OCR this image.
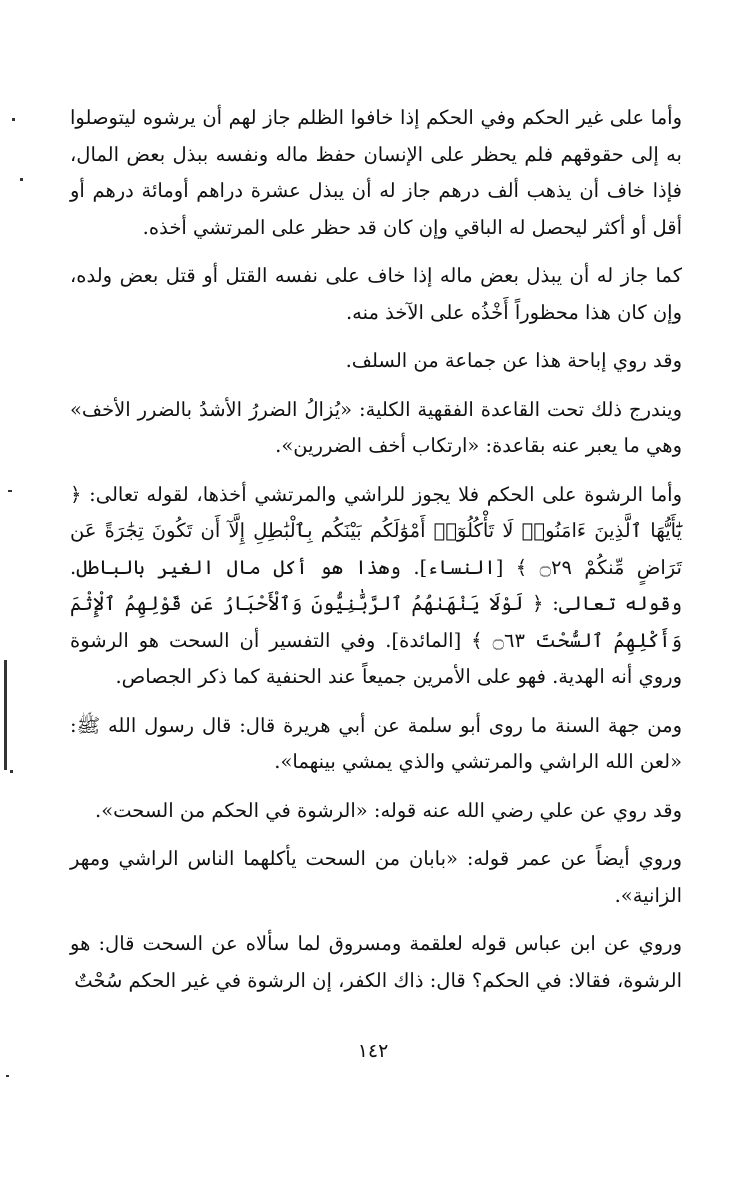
وأما على غير الحكم وفي الحكم إذا خافوا الظلم جاز لهم أن يرشوه ليتوصلوا به إلى حقوقهم فلم يحظر على الإنسان حفظ ماله ونفسه ببذل بعض المال، فإذا خاف أن يذهب ألف درهم جاز له أن يبذل عشرة دراهم أومائة درهم أو أقل أو أكثر ليحصل له الباقي وإن كان قد حظر على المرتشي أخذه.

كما جاز له أن يبذل بعض ماله إذا خاف على نفسه القتل أو قتل بعض ولده، وإن كان هذا محظوراً أَخْذُه على الآخذ منه.

وقد روي إباحة هذا عن جماعة من السلف.

ويندرج ذلك تحت القاعدة الفقهية الكلية: «يُزالُ الضررُ الأشدُ بالضرر الأخف» وهي ما يعبر عنه بقاعدة: «ارتكاب أخف الضررين».

وأما الرشوة على الحكم فلا يجوز للراشي والمرتشي أخذها، لقوله تعالى: ﴿ يَٰٓأَيُّهَا ٱلَّذِينَ ءَامَنُوا۟ لَا تَأْكُلُوٓا۟ أَمْوَٰلَكُم بَيْنَكُم بِٱلْبَٰطِلِ إِلَّآ أَن تَكُونَ تِجَٰرَةً عَن تَرَاضٍ مِّنكُمْ ۝٢٩ ﴾ [النساء]. وهذا هو أكل مال الغير بالباطل. وقوله تعالى: ﴿ لَوْلَا يَنْهَىٰهُمُ ٱلرَّبَّٰنِيُّونَ وَٱلْأَحْبَارُ عَن قَوْلِهِمُ ٱلْإِثْمَ وَأَكْلِهِمُ ٱلسُّحْتَ ۝٦٣ ﴾ [المائدة]. وفي التفسير أن السحت هو الرشوة وروي أنه الهدية. فهو على الأمرين جميعاً عند الحنفية كما ذكر الجصاص.

ومن جهة السنة ما روى أبو سلمة عن أبي هريرة قال: قال رسول الله ﷺ: «لعن الله الراشي والمرتشي والذي يمشي بينهما».

وقد روي عن علي رضي الله عنه قوله: «الرشوة في الحكم من السحت».

وروي أيضاً عن عمر قوله: «بابان من السحت يأكلهما الناس الراشي ومهر الزانية».

وروي عن ابن عباس قوله لعلقمة ومسروق لما سألاه عن السحت قال: هو الرشوة، فقالا: في الحكم؟ قال: ذاك الكفر، إن الرشوة في غير الحكم سُحْتٌ

١٤٢
